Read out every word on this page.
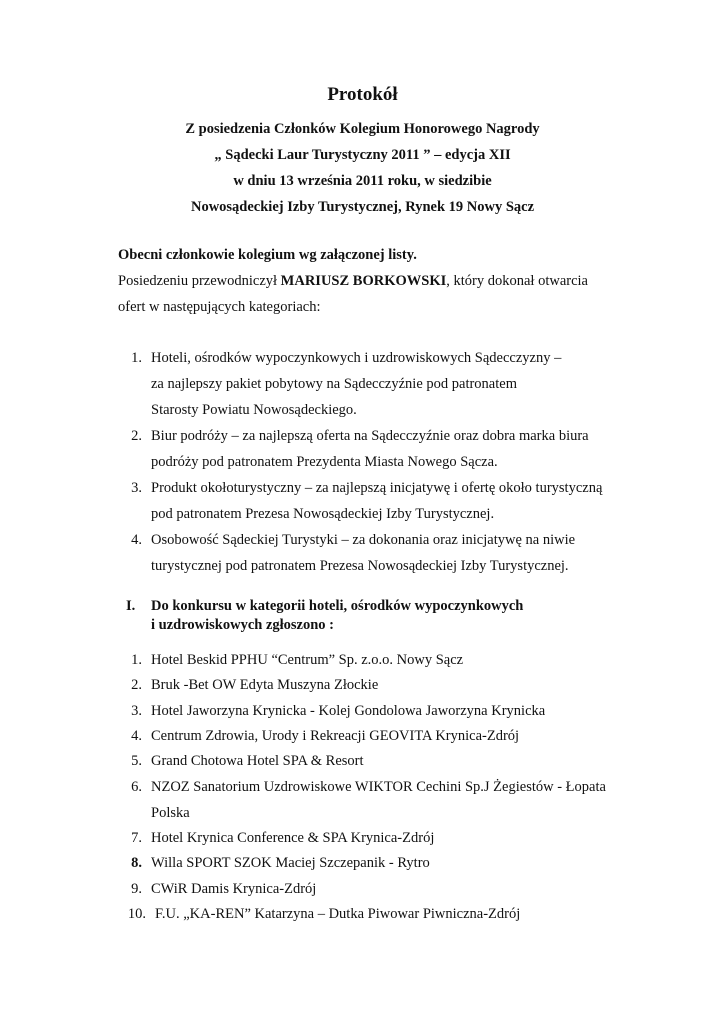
Protokół
Z posiedzenia Członków Kolegium Honorowego Nagrody
„ Sądecki Laur Turystyczny 2011 ” – edycja XII
w dniu 13 września 2011 roku, w siedzibie
Nowosądeckiej Izby Turystycznej, Rynek 19 Nowy Sącz
Obecni członkowie kolegium wg załączonej listy.
Posiedzeniu przewodniczył MARIUSZ BORKOWSKI, który dokonał otwarcia
ofert w następujących kategoriach:
1. Hoteli, ośrodków wypoczynkowych i uzdrowiskowych Sądecczyzny –
za najlepszy pakiet pobytowy na Sądecczyźnie pod patronatem
Starosty Powiatu Nowosądeckiego.
2. Biur podróży – za najlepszą oferta na Sądecczyźnie oraz dobra marka biura
podróży pod patronatem Prezydenta Miasta Nowego Sącza.
3. Produkt okołoturystyczny – za najlepszą inicjatywę i ofertę około turystyczną
pod patronatem Prezesa Nowosądeckiej Izby Turystycznej.
4. Osobowość Sądeckiej Turystyki – za dokonania oraz inicjatywę na niwie
turystycznej pod patronatem Prezesa Nowosądeckiej Izby Turystycznej.
I. Do konkursu w kategorii hoteli, ośrodków wypoczynkowych
i uzdrowiskowych zgłoszono :
1. Hotel Beskid PPHU “Centrum” Sp. z.o.o. Nowy Sącz
2. Bruk -Bet OW Edyta Muszyna Złockie
3. Hotel Jaworzyna Krynicka - Kolej Gondolowa Jaworzyna Krynicka
4. Centrum Zdrowia, Urody i Rekreacji GEOVITA Krynica-Zdrój
5. Grand Chotowa Hotel SPA & Resort
6. NZOZ Sanatorium Uzdrowiskowe WIKTOR Cechini Sp.J Żegiestów - Łopata
Polska
7. Hotel Krynica Conference & SPA Krynica-Zdrój
8. Willa SPORT SZOK Maciej Szczepanik - Rytro
9. CWiR Damis Krynica-Zdrój
10. F.U. „KA-REN” Katarzyna – Dutka Piwowar Piwniczna-Zdrój
